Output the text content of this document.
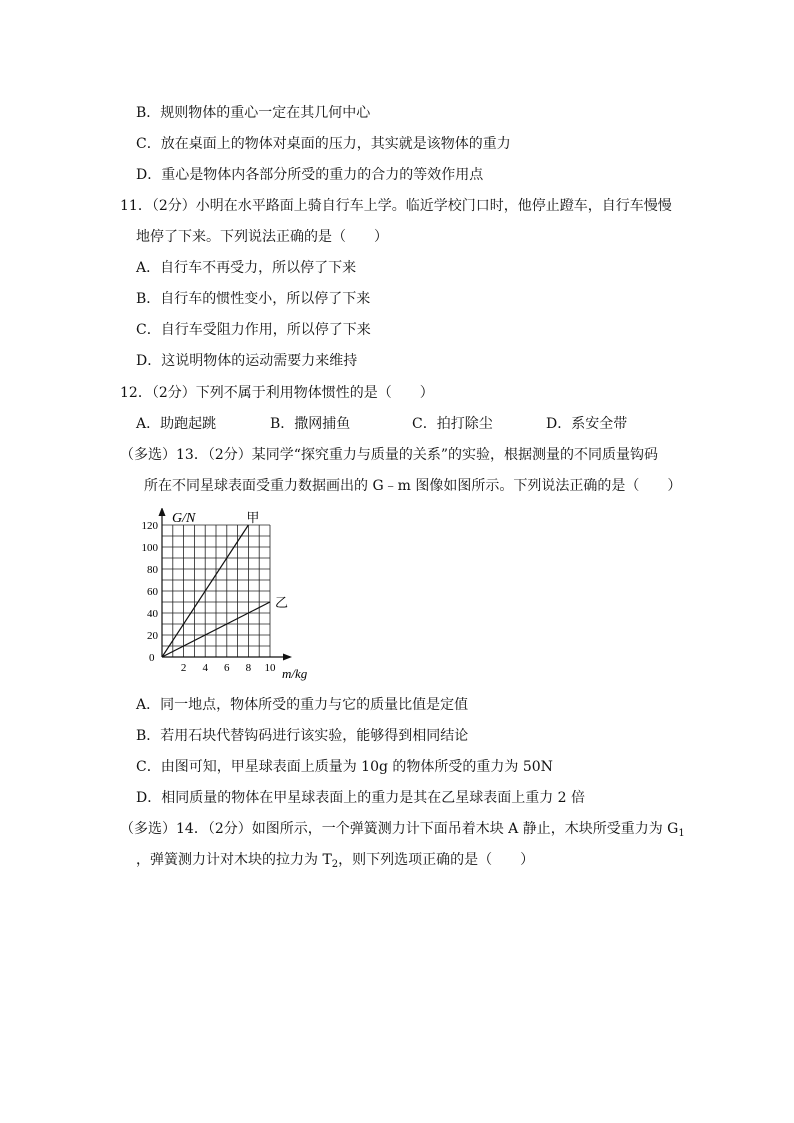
B．规则物体的重心一定在其几何中心
C．放在桌面上的物体对桌面的压力，其实就是该物体的重力
D．重心是物体内各部分所受的重力的合力的等效作用点
11．（2分）小明在水平路面上骑自行车上学。临近学校门口时，他停止蹬车，自行车慢慢
地停了下来。下列说法正确的是（　　）
A．自行车不再受力，所以停了下来
B．自行车的惯性变小，所以停了下来
C．自行车受阻力作用，所以停了下来
D．这说明物体的运动需要力来维持
12．（2分）下列不属于利用物体惯性的是（　　）
A．助跑起跳	B．撒网捕鱼	C．拍打除尘	D．系安全带
（多选）13．（2分）某同学“探究重力与质量的关系”的实验，根据测量的不同质量钩码
所在不同星球表面受重力数据画出的 G﹣m 图像如图所示。下列说法正确的是（　　）
2 4 6 8 10
20
40
60
80
100
120	甲
乙
G/N
m/kg
0
A．同一地点，物体所受的重力与它的质量比值是定值
B．若用石块代替钩码进行该实验，能够得到相同结论
C．由图可知，甲星球表面上质量为 10g 的物体所受的重力为 50N
D．相同质量的物体在甲星球表面上的重力是其在乙星球表面上重力 2 倍
（多选）14．（2分）如图所示，一个弹簧测力计下面吊着木块 A 静止，木块所受重力为 $G_1$
，弹簧测力计对木块的拉力为 $T_2$，则下列选项正确的是（　　）
